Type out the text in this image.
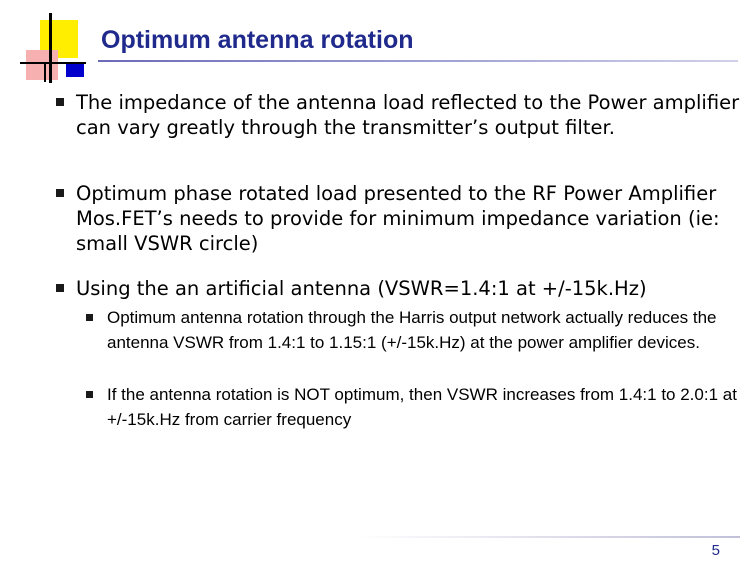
Optimum antenna rotation
The impedance of the antenna load reflected to the Power amplifier can vary greatly through the transmitter’s output filter.
Optimum phase rotated load presented to the RF Power Amplifier Mos.FET’s needs to provide for minimum impedance variation (ie: small VSWR circle)
Using the an artificial antenna (VSWR=1.4:1 at +/-15k.Hz)
Optimum antenna rotation through the Harris output network actually reduces the antenna VSWR from 1.4:1 to 1.15:1 (+/-15k.Hz) at the power amplifier devices.
If the antenna rotation is NOT optimum, then VSWR increases from 1.4:1 to 2.0:1 at +/-15k.Hz from carrier frequency
5
